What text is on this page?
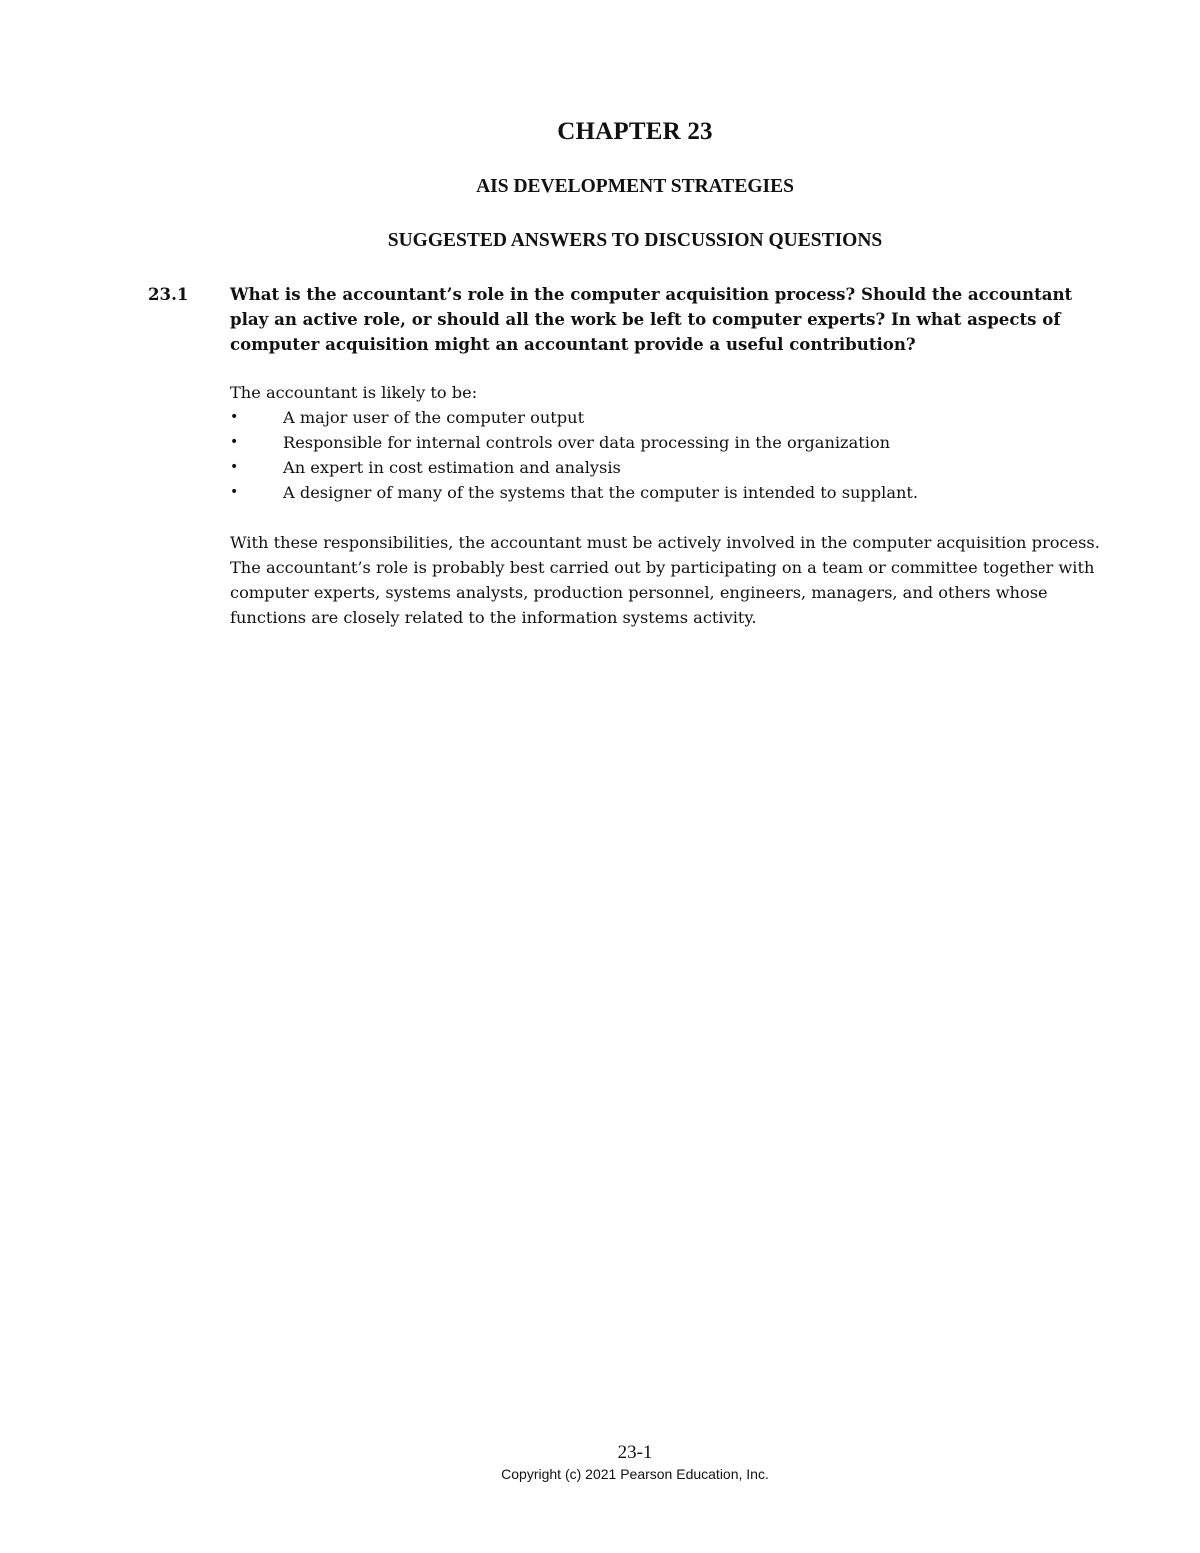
CHAPTER 23
AIS DEVELOPMENT STRATEGIES
SUGGESTED ANSWERS TO DISCUSSION QUESTIONS
23.1	What is the accountant’s role in the computer acquisition process? Should the accountant play an active role, or should all the work be left to computer experts? In what aspects of computer acquisition might an accountant provide a useful contribution?
The accountant is likely to be:
•	A major user of the computer output
•	Responsible for internal controls over data processing in the organization
•	An expert in cost estimation and analysis
•	A designer of many of the systems that the computer is intended to supplant.
With these responsibilities, the accountant must be actively involved in the computer acquisition process. The accountant’s role is probably best carried out by participating on a team or committee together with computer experts, systems analysts, production personnel, engineers, managers, and others whose functions are closely related to the information systems activity.

23-1

Copyright (c) 2021 Pearson Education, Inc.
